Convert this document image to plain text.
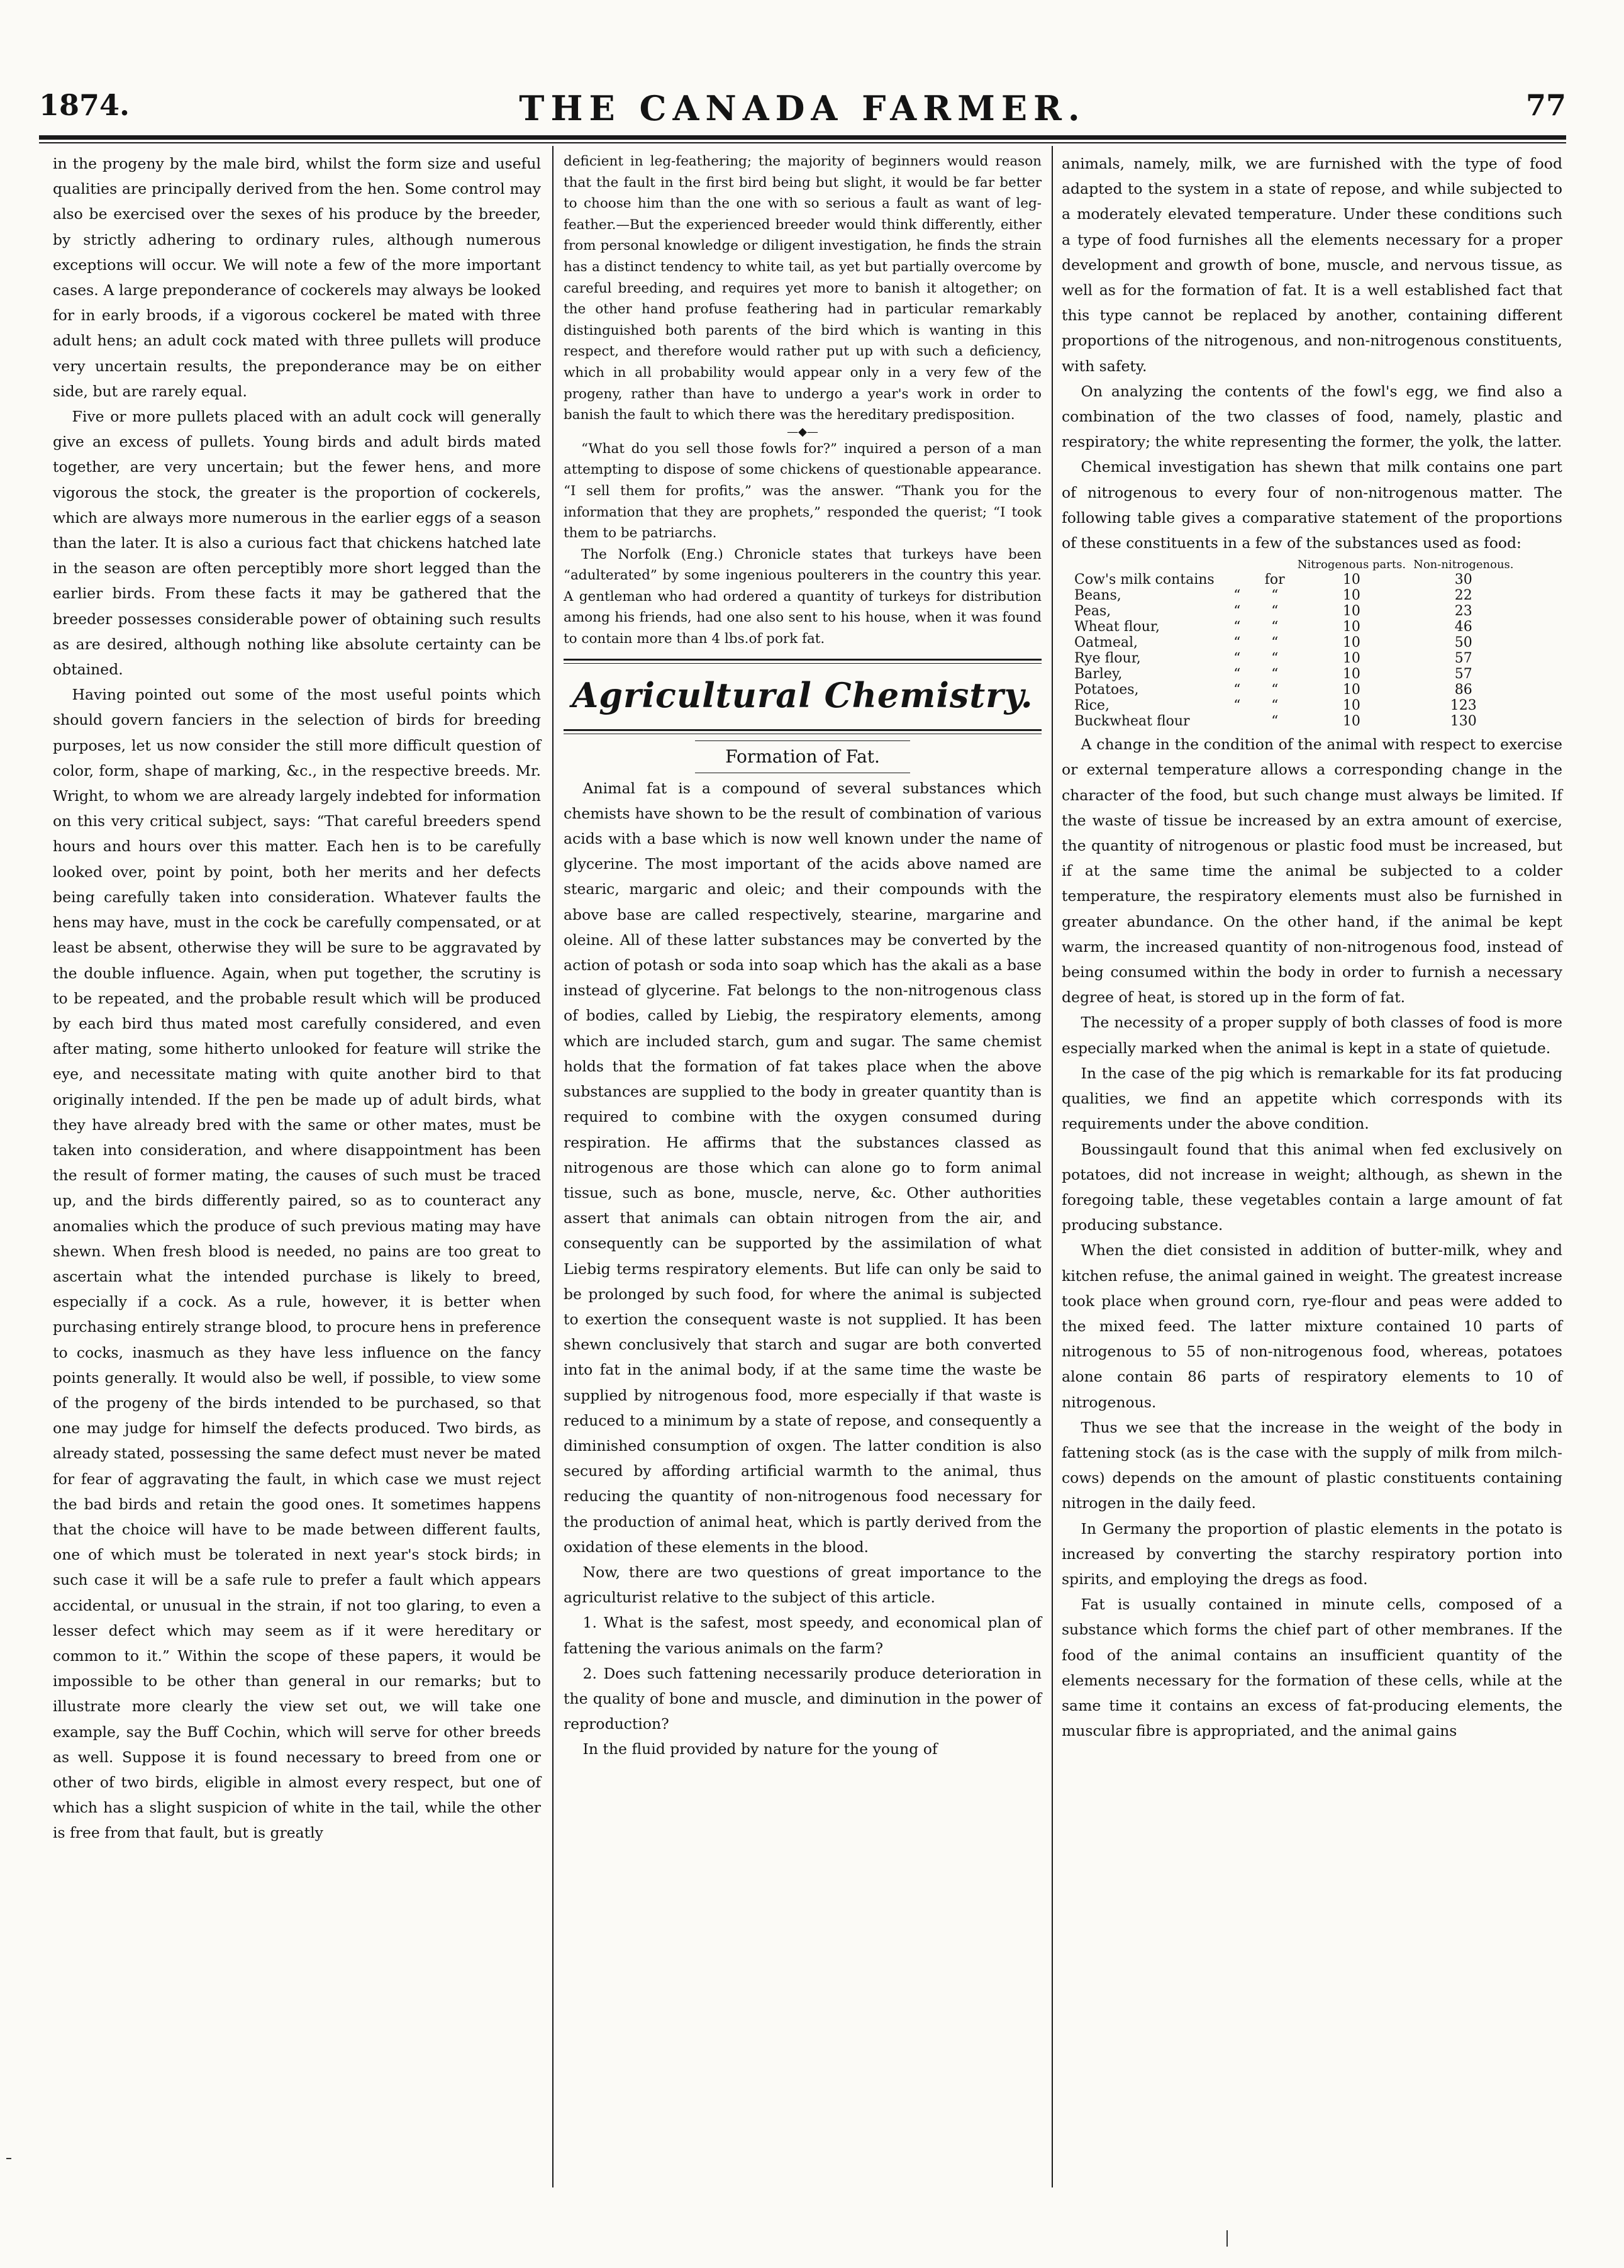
THE CANADA FARMER.
1874.	77

in the progeny by the male bird, whilst the form size and useful qualities are principally derived from the hen. Some control may also be exercised over the sexes of his produce by the breeder, by strictly adhering to ordinary rules, although numerous exceptions will occur. We will note a few of the more important cases. A large preponderance of cockerels may always be looked for in early broods, if a vigorous cockerel be mated with three adult hens; an adult cock mated with three pullets will produce very uncertain results, the preponderance may be on either side, but are rarely equal.

Five or more pullets placed with an adult cock will generally give an excess of pullets. Young birds and adult birds mated together, are very uncertain; but the fewer hens, and more vigorous the stock, the greater is the proportion of cockerels, which are always more numerous in the earlier eggs of a season than the later. It is also a curious fact that chickens hatched late in the season are often perceptibly more short legged than the earlier birds. From these facts it may be gathered that the breeder possesses considerable power of obtaining such results as are desired, although nothing like absolute certainty can be obtained.

Having pointed out some of the most useful points which should govern fanciers in the selection of birds for breeding purposes, let us now consider the still more difficult question of color, form, shape of marking, &c., in the respective breeds. Mr. Wright, to whom we are already largely indebted for information on this very critical subject, says: “That careful breeders spend hours and hours over this matter. Each hen is to be carefully looked over, point by point, both her merits and her defects being carefully taken into consideration. Whatever faults the hens may have, must in the cock be carefully compensated, or at least be absent, otherwise they will be sure to be aggravated by the double influence. Again, when put together, the scrutiny is to be repeated, and the probable result which will be produced by each bird thus mated most carefully considered, and even after mating, some hitherto unlooked for feature will strike the eye, and necessitate mating with quite another bird to that originally intended. If the pen be made up of adult birds, what they have already bred with the same or other mates, must be taken into consideration, and where disappointment has been the result of former mating, the causes of such must be traced up, and the birds differently paired, so as to counteract any anomalies which the produce of such previous mating may have shewn. When fresh blood is needed, no pains are too great to ascertain what the intended purchase is likely to breed, especially if a cock. As a rule, however, it is better when purchasing entirely strange blood, to procure hens in preference to cocks, inasmuch as they have less influence on the fancy points generally. It would also be well, if possible, to view some of the progeny of the birds intended to be purchased, so that one may judge for himself the defects produced. Two birds, as already stated, possessing the same defect must never be mated for fear of aggravating the fault, in which case we must reject the bad birds and retain the good ones. It sometimes happens that the choice will have to be made between different faults, one of which must be tolerated in next year's stock birds; in such case it will be a safe rule to prefer a fault which appears accidental, or unusual in the strain, if not too glaring, to even a lesser defect which may seem as if it were hereditary or common to it.” Within the scope of these papers, it would be impossible to be other than general in our remarks; but to illustrate more clearly the view set out, we will take one example, say the Buff Cochin, which will serve for other breeds as well. Suppose it is found necessary to breed from one or other of two birds, eligible in almost every respect, but one of which has a slight suspicion of white in the tail, while the other is free from that fault, but is greatly

deficient in leg-feathering; the majority of beginners would reason that the fault in the first bird being but slight, it would be far better to choose him than the one with so serious a fault as want of leg-feather.—But the experienced breeder would think differently, either from personal knowledge or diligent investigation, he finds the strain has a distinct tendency to white tail, as yet but partially overcome by careful breeding, and requires yet more to banish it altogether; on the other hand profuse feathering had in particular remarkably distinguished both parents of the bird which is wanting in this respect, and therefore would rather put up with such a deficiency, which in all probability would appear only in a very few of the progeny, rather than have to undergo a year's work in order to banish the fault to which there was the hereditary predisposition.

—◆—

“What do you sell those fowls for?” inquired a person of a man attempting to dispose of some chickens of questionable appearance. “I sell them for profits,” was the answer. “Thank you for the information that they are prophets,” responded the querist; “I took them to be patriarchs.

The Norfolk (Eng.) Chronicle states that turkeys have been “adulterated” by some ingenious poulterers in the country this year. A gentleman who had ordered a quantity of turkeys for distribution among his friends, had one also sent to his house, when it was found to contain more than 4 lbs.of pork fat.

Agricultural Chemistry.
Formation of Fat.

Animal fat is a compound of several substances which chemists have shown to be the result of combination of various acids with a base which is now well known under the name of glycerine. The most important of the acids above named are stearic, margaric and oleic; and their compounds with the above base are called respectively, stearine, margarine and oleine. All of these latter substances may be converted by the action of potash or soda into soap which has the akali as a base instead of glycerine. Fat belongs to the non-nitrogenous class of bodies, called by Liebig, the respiratory elements, among which are included starch, gum and sugar. The same chemist holds that the formation of fat takes place when the above substances are supplied to the body in greater quantity than is required to combine with the oxygen consumed during respiration. He affirms that the substances classed as nitrogenous are those which can alone go to form animal tissue, such as bone, muscle, nerve, &c. Other authorities assert that animals can obtain nitrogen from the air, and consequently can be supported by the assimilation of what Liebig terms respiratory elements. But life can only be said to be prolonged by such food, for where the animal is subjected to exertion the consequent waste is not supplied. It has been shewn conclusively that starch and sugar are both converted into fat in the animal body, if at the same time the waste be supplied by nitrogenous food, more especially if that waste is reduced to a minimum by a state of repose, and consequently a diminished consumption of oxgen. The latter condition is also secured by affording artificial warmth to the animal, thus reducing the quantity of non-nitrogenous food necessary for the production of animal heat, which is partly derived from the oxidation of these elements in the blood.

Now, there are two questions of great importance to the agriculturist relative to the subject of this article.

1. What is the safest, most speedy, and economical plan of fattening the various animals on the farm?

2. Does such fattening necessarily produce deterioration in the quality of bone and muscle, and diminution in the power of reproduction?

In the fluid provided by nature for the young of

animals, namely, milk, we are furnished with the type of food adapted to the system in a state of repose, and while subjected to a moderately elevated temperature. Under these conditions such a type of food furnishes all the elements necessary for a proper development and growth of bone, muscle, and nervous tissue, as well as for the formation of fat. It is a well established fact that this type cannot be replaced by another, containing different proportions of the nitrogenous, and non-nitrogenous constituents, with safety.

On analyzing the contents of the fowl's egg, we find also a combination of the two classes of food, namely, plastic and respiratory; the white representing the former, the yolk, the latter.

Chemical investigation has shewn that milk contains one part of nitrogenous to every four of non-nitrogenous matter. The following table gives a comparative statement of the proportions of these constituents in a few of the substances used as food:

			Nitrogenous parts.	Non-nitrogenous.
Cow's milk contains		for	10	30
Beans,	“	“	10	22
Peas,	“	“	10	23
Wheat flour,	“	“	10	46
Oatmeal,	“	“	10	50
Rye flour,	“	“	10	57
Barley,	“	“	10	57
Potatoes,	“	“	10	86
Rice,	“	“	10	123
Buckwheat flour		“	10	130

A change in the condition of the animal with respect to exercise or external temperature allows a corresponding change in the character of the food, but such change must always be limited. If the waste of tissue be increased by an extra amount of exercise, the quantity of nitrogenous or plastic food must be increased, but if at the same time the animal be subjected to a colder temperature, the respiratory elements must also be furnished in greater abundance. On the other hand, if the animal be kept warm, the increased quantity of non-nitrogenous food, instead of being consumed within the body in order to furnish a necessary degree of heat, is stored up in the form of fat.

The necessity of a proper supply of both classes of food is more especially marked when the animal is kept in a state of quietude.

In the case of the pig which is remarkable for its fat producing qualities, we find an appetite which corresponds with its requirements under the above condition.

Boussingault found that this animal when fed exclusively on potatoes, did not increase in weight; although, as shewn in the foregoing table, these vegetables contain a large amount of fat producing substance.

When the diet consisted in addition of butter-milk, whey and kitchen refuse, the animal gained in weight. The greatest increase took place when ground corn, rye-flour and peas were added to the mixed feed. The latter mixture contained 10 parts of nitrogenous to 55 of non-nitrogenous food, whereas, potatoes alone contain 86 parts of respiratory elements to 10 of nitrogenous.

Thus we see that the increase in the weight of the body in fattening stock (as is the case with the supply of milk from milch-cows) depends on the amount of plastic constituents containing nitrogen in the daily feed.

In Germany the proportion of plastic elements in the potato is increased by converting the starchy respiratory portion into spirits, and employing the dregs as food.

Fat is usually contained in minute cells, composed of a substance which forms the chief part of other membranes. If the food of the animal contains an insufficient quantity of the elements necessary for the formation of these cells, while at the same time it contains an excess of fat-producing elements, the muscular fibre is appropriated, and the animal gains
